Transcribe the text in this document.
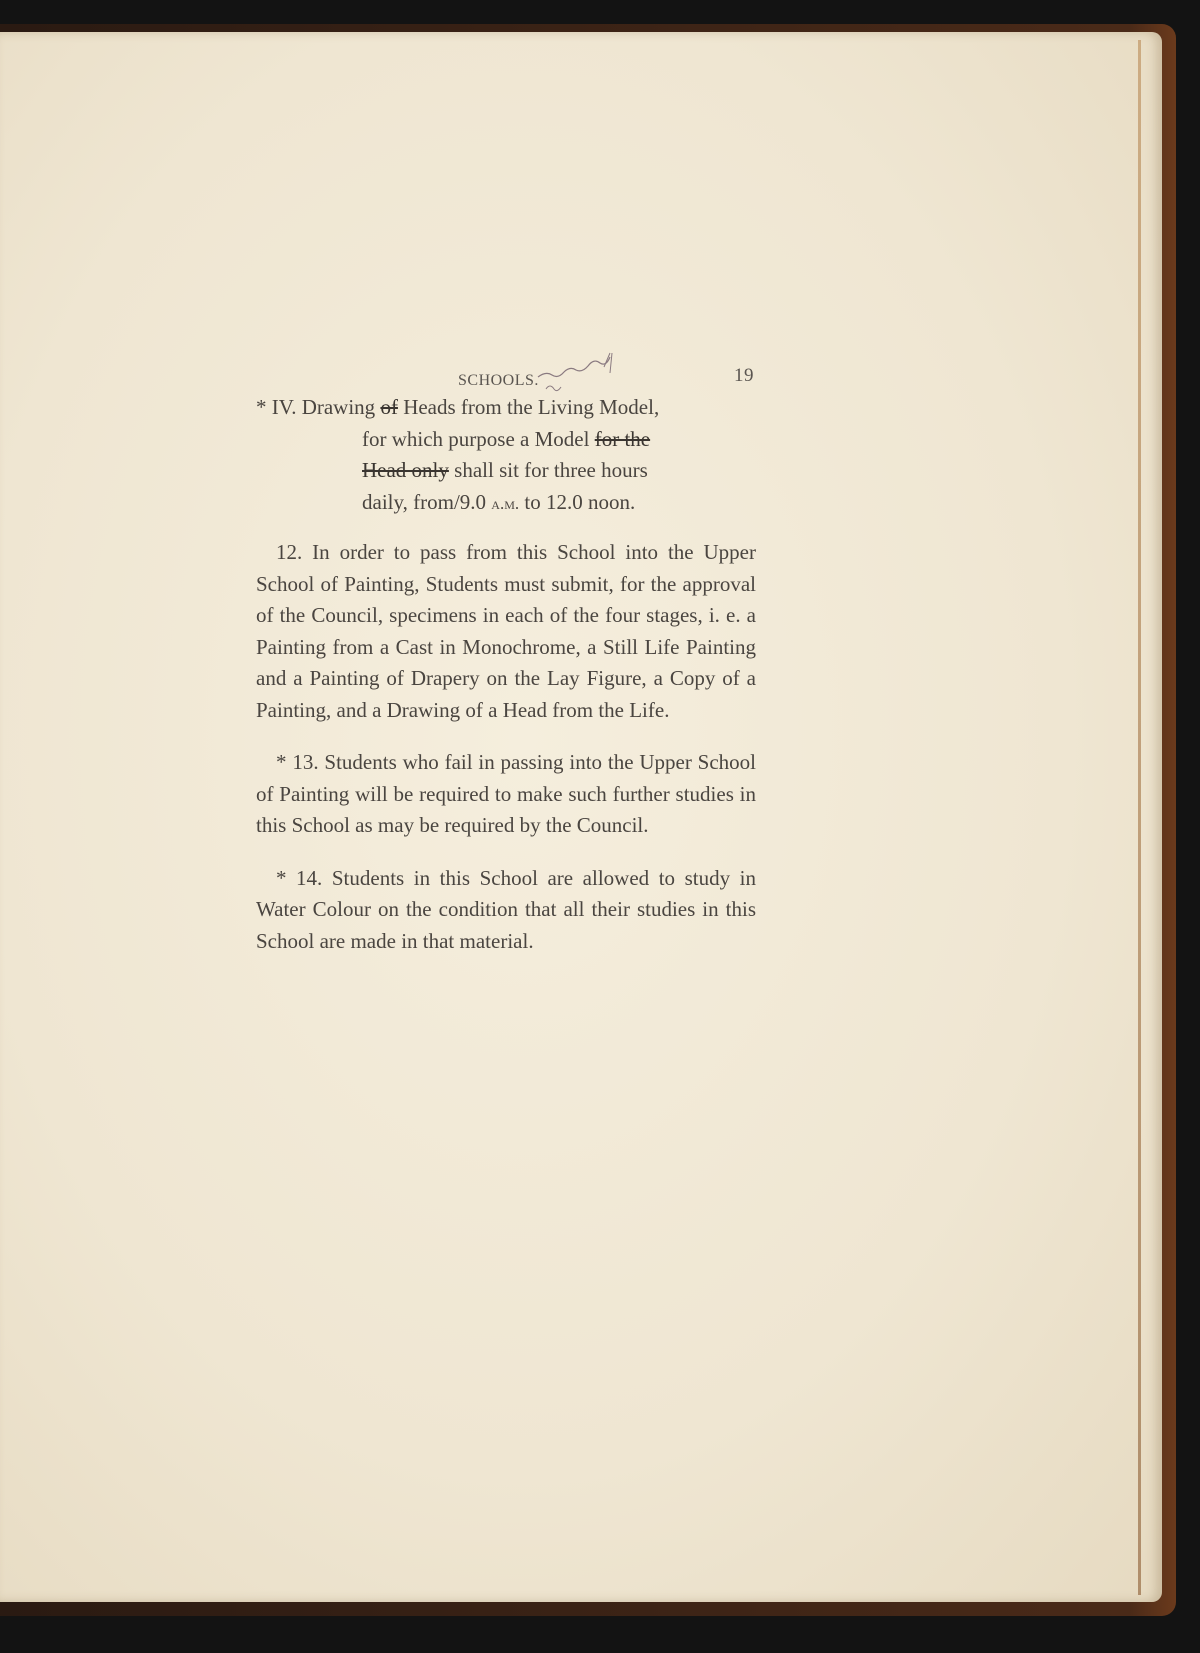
SCHOOLS.	19
* IV. Drawing of Heads from the Living Model,
for which purpose a Model for the
Head only shall sit for three hours
daily, from/9.0 a.m. to 12.0 noon.

12. In order to pass from this School into the Upper School of Painting, Students must submit, for the approval of the Council, specimens in each of the four stages, i. e. a Painting from a Cast in Monochrome, a Still Life Painting and a Painting of Drapery on the Lay Figure, a Copy of a Painting, and a Drawing of a Head from the Life.

* 13. Students who fail in passing into the Upper School of Painting will be required to make such further studies in this School as may be required by the Council.

* 14. Students in this School are allowed to study in Water Colour on the condition that all their studies in this School are made in that material.
